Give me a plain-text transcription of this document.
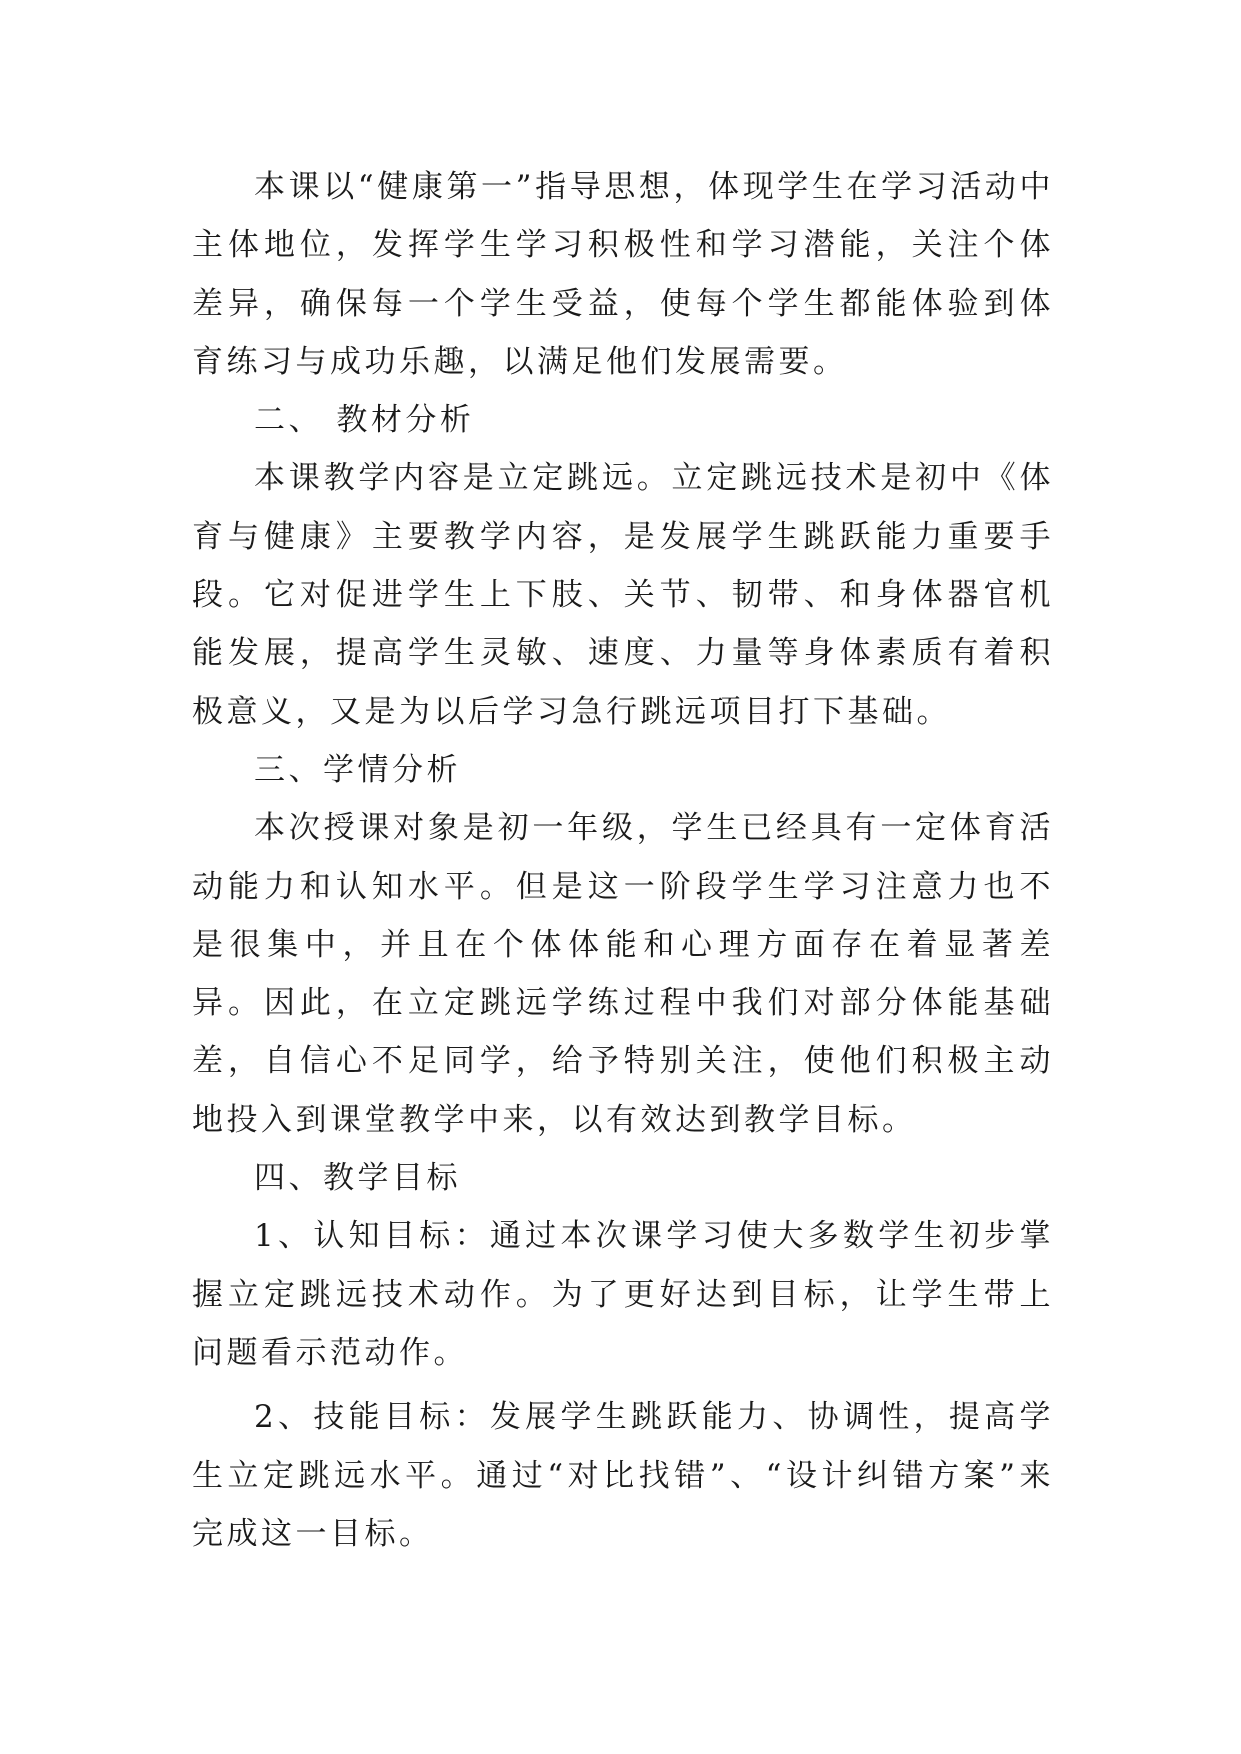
本课以“健康第一”指导思想，体现学生在学习活动中主体地位，发挥学生学习积极性和学习潜能，关注个体差异，确保每一个学生受益，使每个学生都能体验到体育练习与成功乐趣，以满足他们发展需要。

二、 教材分析

本课教学内容是立定跳远。立定跳远技术是初中《体育与健康》主要教学内容，是发展学生跳跃能力重要手段。它对促进学生上下肢、关节、韧带、和身体器官机能发展，提高学生灵敏、速度、力量等身体素质有着积极意义，又是为以后学习急行跳远项目打下基础。

三、学情分析

本次授课对象是初一年级，学生已经具有一定体育活动能力和认知水平。但是这一阶段学生学习注意力也不是很集中，并且在个体体能和心理方面存在着显著差异。因此，在立定跳远学练过程中我们对部分体能基础差，自信心不足同学，给予特别关注，使他们积极主动地投入到课堂教学中来，以有效达到教学目标。

四、教学目标

1、认知目标：通过本次课学习使大多数学生初步掌握立定跳远技术动作。为了更好达到目标，让学生带上问题看示范动作。

2、技能目标：发展学生跳跃能力、协调性，提高学生立定跳远水平。通过“对比找错”、“设计纠错方案”来完成这一目标。
